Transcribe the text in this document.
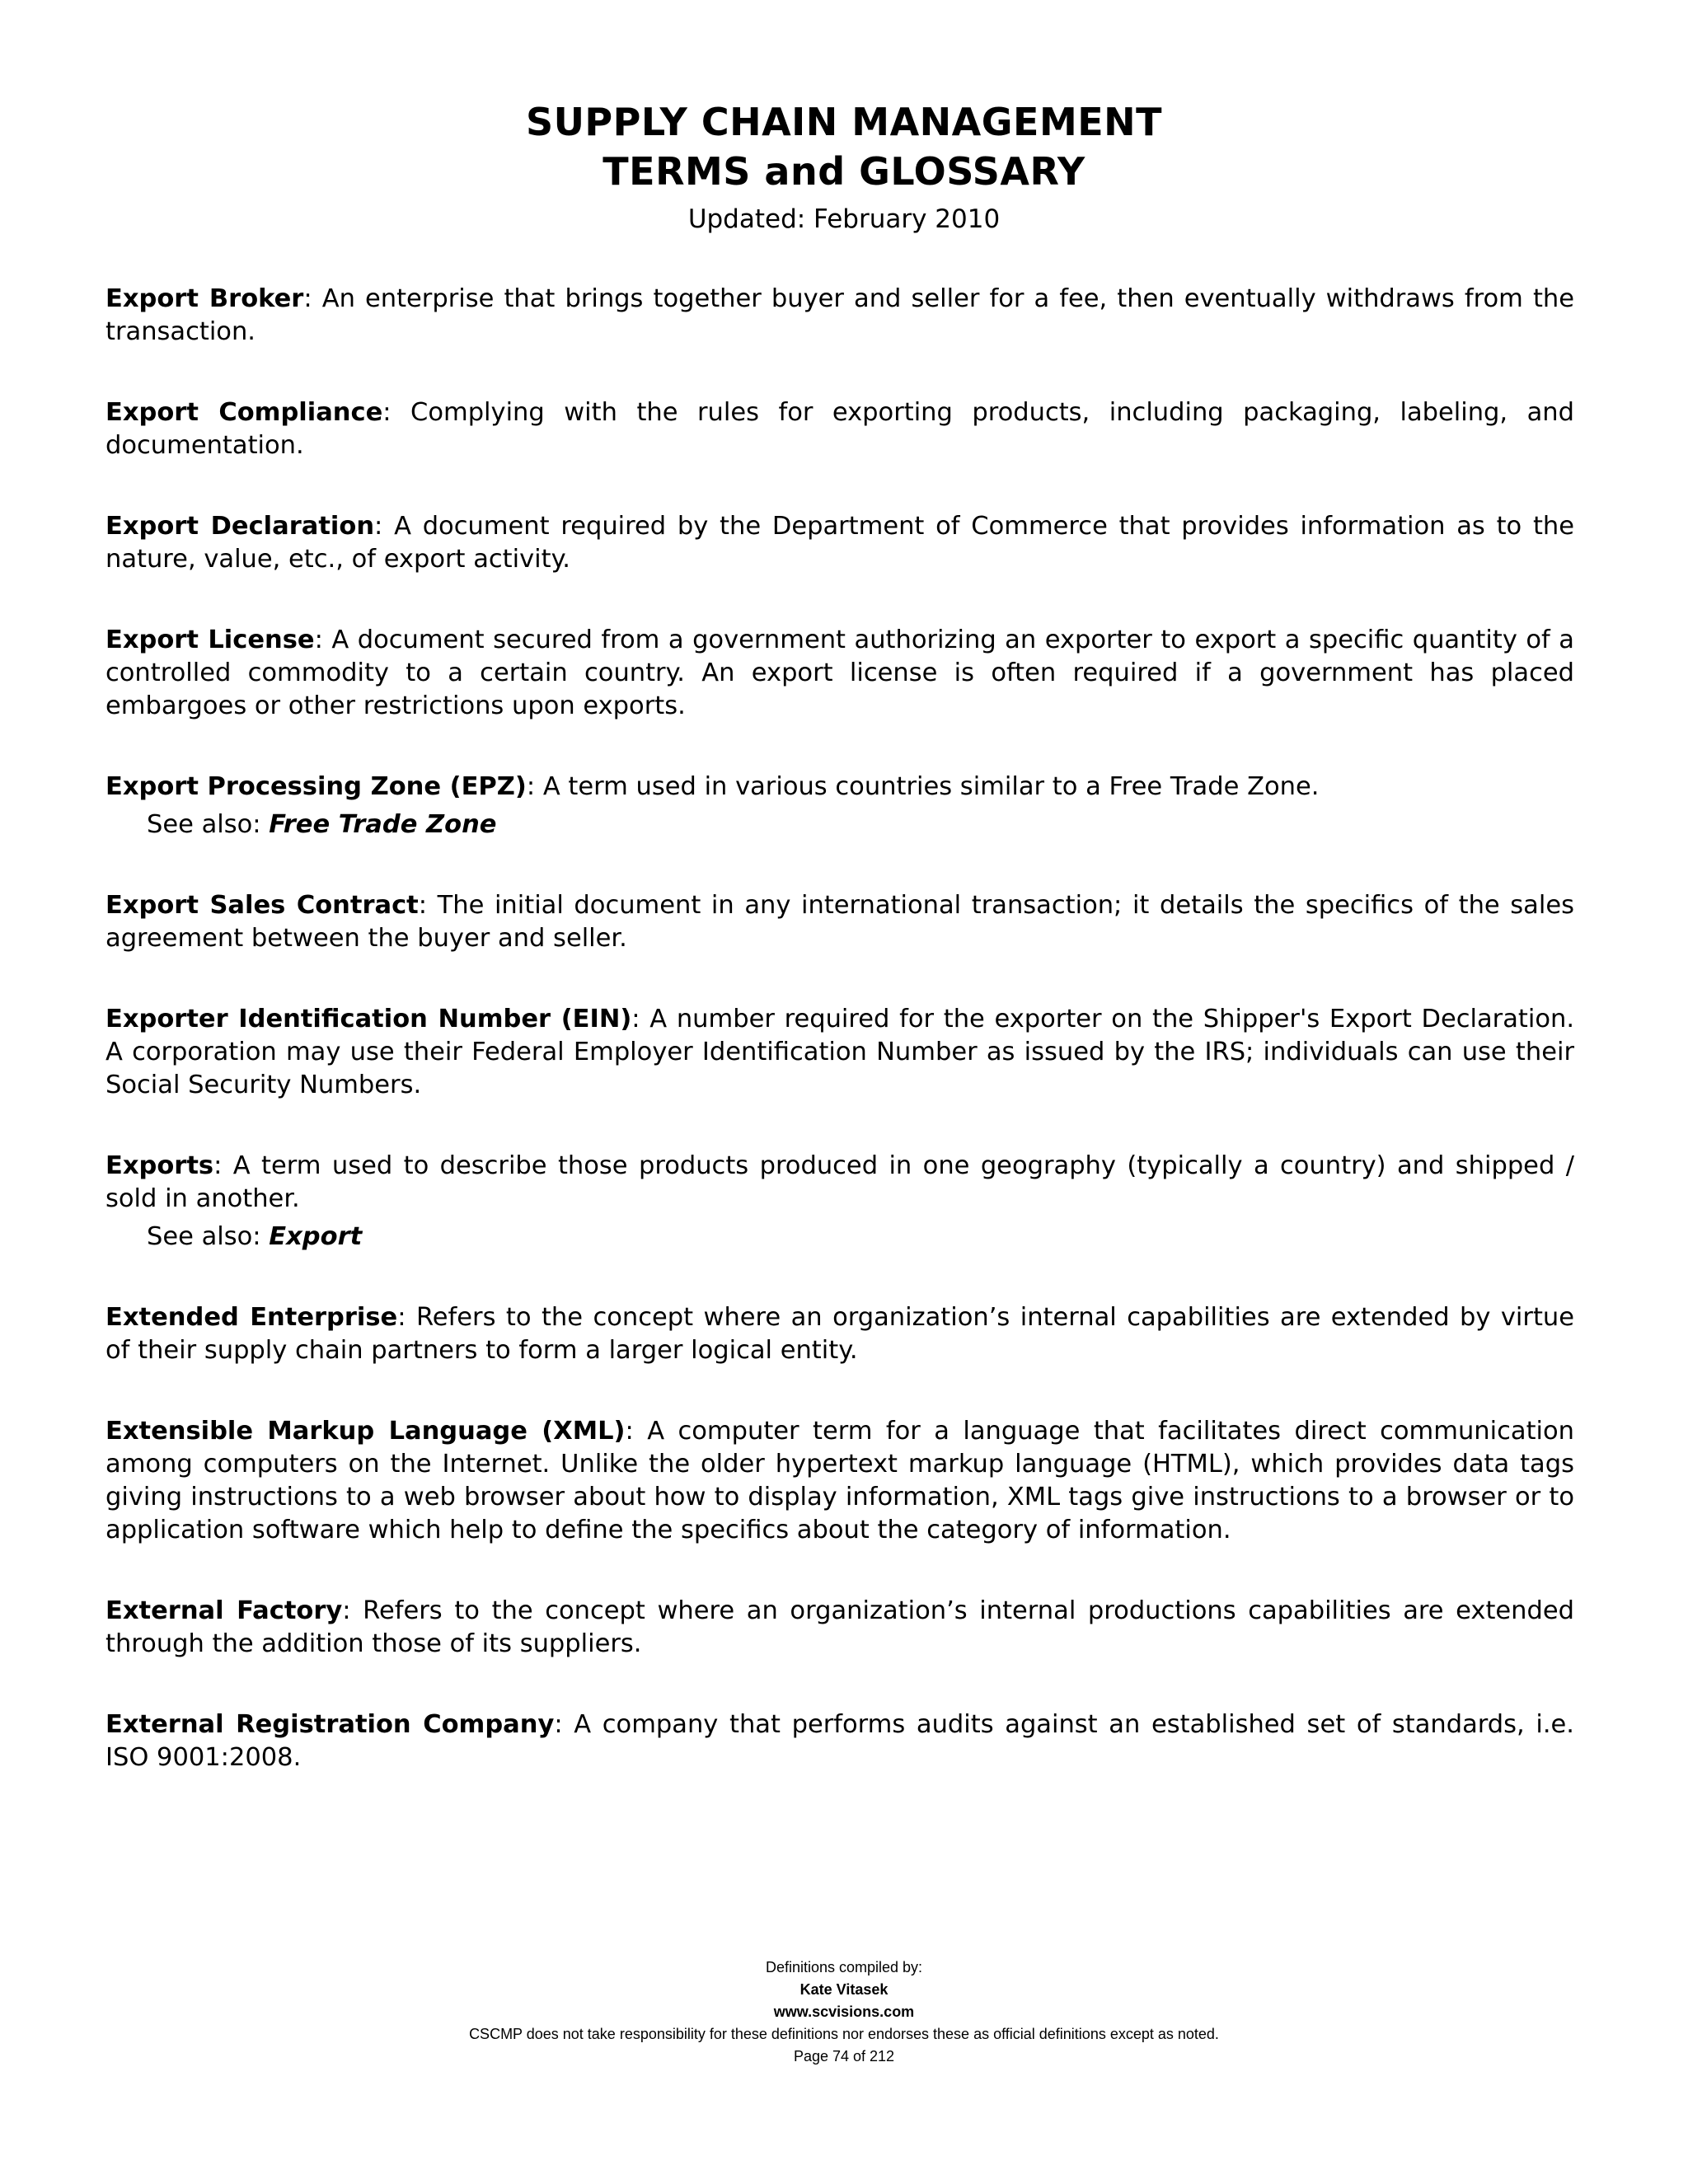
SUPPLY CHAIN MANAGEMENT
TERMS and GLOSSARY
Updated: February 2010

Export Broker: An enterprise that brings together buyer and seller for a fee, then eventually withdraws from the transaction.

Export Compliance: Complying with the rules for exporting products, including packaging, labeling, and documentation.

Export Declaration: A document required by the Department of Commerce that provides information as to the nature, value, etc., of export activity.

Export License: A document secured from a government authorizing an exporter to export a specific quantity of a controlled commodity to a certain country. An export license is often required if a government has placed embargoes or other restrictions upon exports.

Export Processing Zone (EPZ): A term used in various countries similar to a Free Trade Zone.

See also: Free Trade Zone

Export Sales Contract: The initial document in any international transaction; it details the specifics of the sales agreement between the buyer and seller.

Exporter Identification Number (EIN): A number required for the exporter on the Shipper's Export Declaration. A corporation may use their Federal Employer Identification Number as issued by the IRS; individuals can use their Social Security Numbers.

Exports: A term used to describe those products produced in one geography (typically a country) and shipped / sold in another.

See also: Export

Extended Enterprise: Refers to the concept where an organization’s internal capabilities are extended by virtue of their supply chain partners to form a larger logical entity.

Extensible Markup Language (XML): A computer term for a language that facilitates direct communication among computers on the Internet. Unlike the older hypertext markup language (HTML), which provides data tags giving instructions to a web browser about how to display information, XML tags give instructions to a browser or to application software which help to define the specifics about the category of information.

External Factory: Refers to the concept where an organization’s internal productions capabilities are extended through the addition those of its suppliers.

External Registration Company: A company that performs audits against an established set of standards, i.e. ISO 9001:2008.

Definitions compiled by:
Kate Vitasek
www.scvisions.com
CSCMP does not take responsibility for these definitions nor endorses these as official definitions except as noted.
Page 74 of 212
